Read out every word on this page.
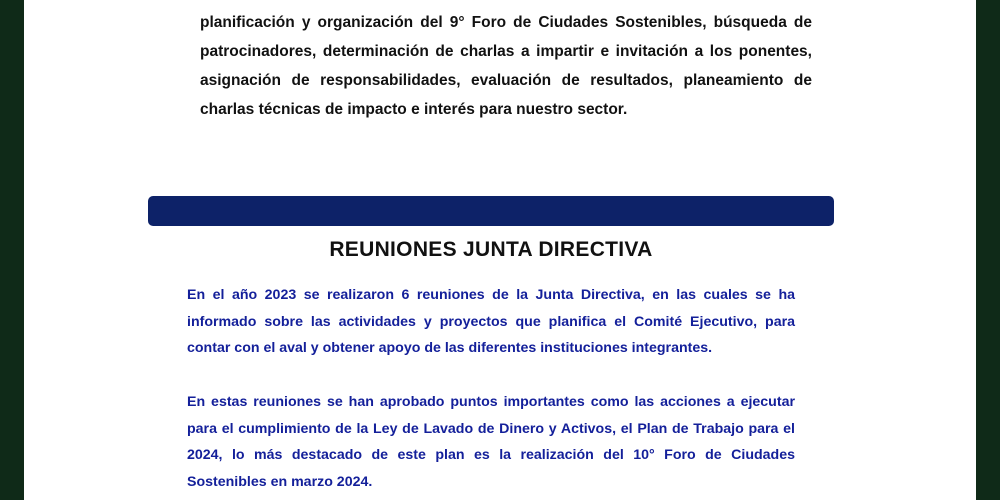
planificación y organización del 9° Foro de Ciudades Sostenibles, búsqueda de patrocinadores, determinación de charlas a impartir e invitación a los ponentes, asignación de responsabilidades, evaluación de resultados, planeamiento de charlas técnicas de impacto e interés para nuestro sector.

REUNIONES JUNTA DIRECTIVA

En el año 2023 se realizaron 6 reuniones de la Junta Directiva, en las cuales se ha informado sobre las actividades y proyectos que planifica el Comité Ejecutivo, para contar con el aval y obtener apoyo de las diferentes instituciones integrantes.

En estas reuniones se han aprobado puntos importantes como las acciones a ejecutar para el cumplimiento de la Ley de Lavado de Dinero y Activos, el Plan de Trabajo para el 2024, lo más destacado de este plan es la realización del 10° Foro de Ciudades Sostenibles en marzo 2024.
